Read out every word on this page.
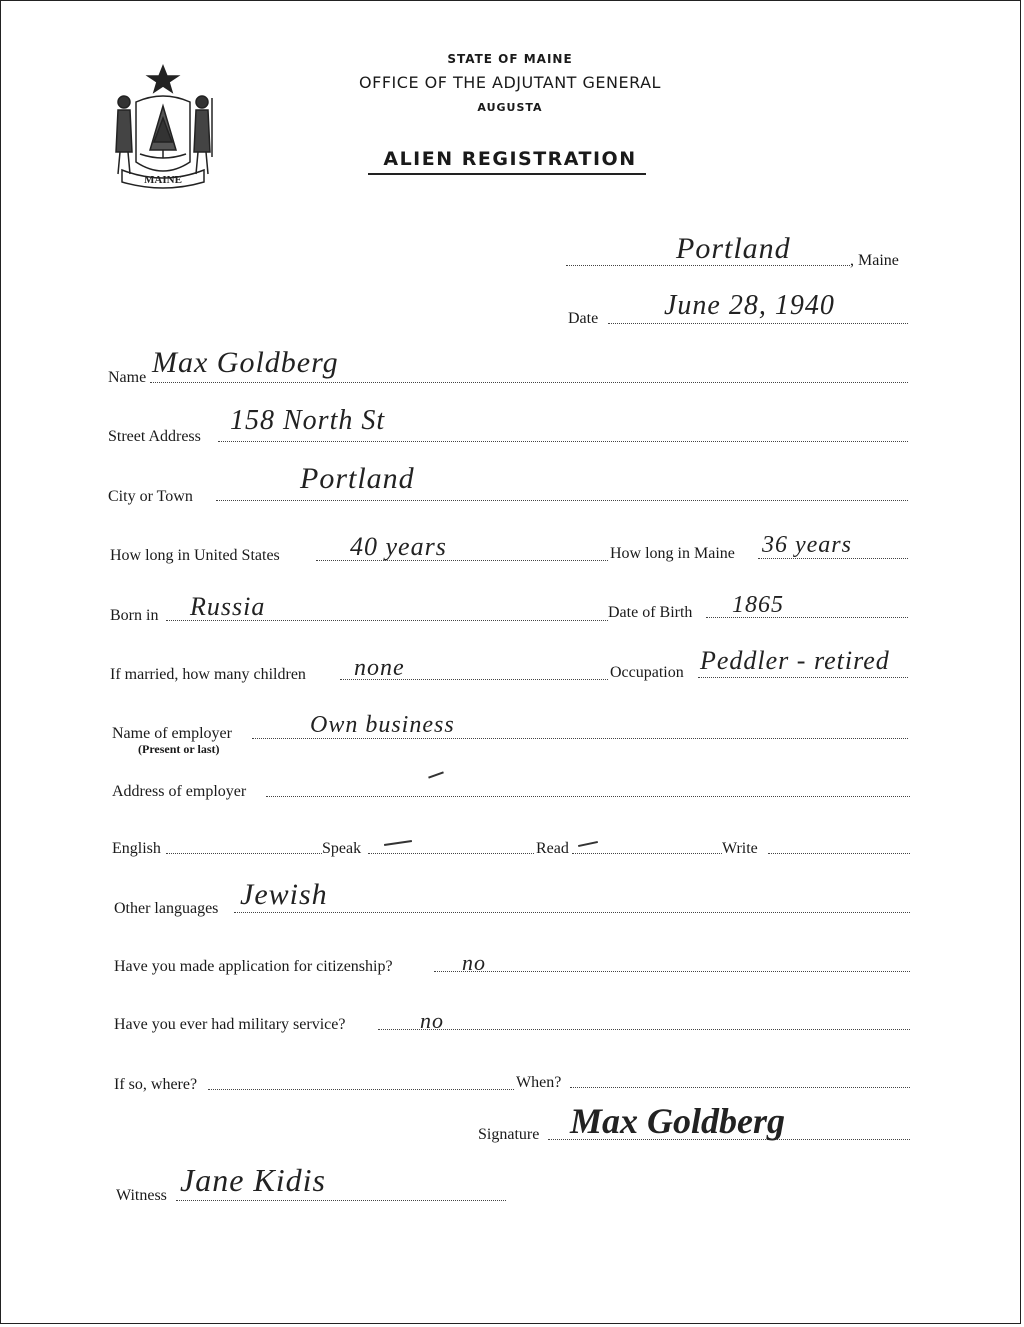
MAINE
STATE OF MAINE
OFFICE OF THE ADJUTANT GENERAL
AUGUSTA
ALIEN REGISTRATION
Portland	, Maine
Date June 28, 1940
Name Max Goldberg
Street Address
158 North St
City or Town
Portland
How long in United States	40 years	How long in Maine 36 years
Born in Russia	Date of Birth 1865
If married, how many children none	Occupation Peddler - retired
Name of employer
(Present or last)
Own business
Address of employer
English	Speak	Read	Write
Other languages Jewish
Have you made application for citizenship?	no
Have you ever had military service?	no
If so, where?	When?
Signature Max Goldberg
Witness Jane Kidis
